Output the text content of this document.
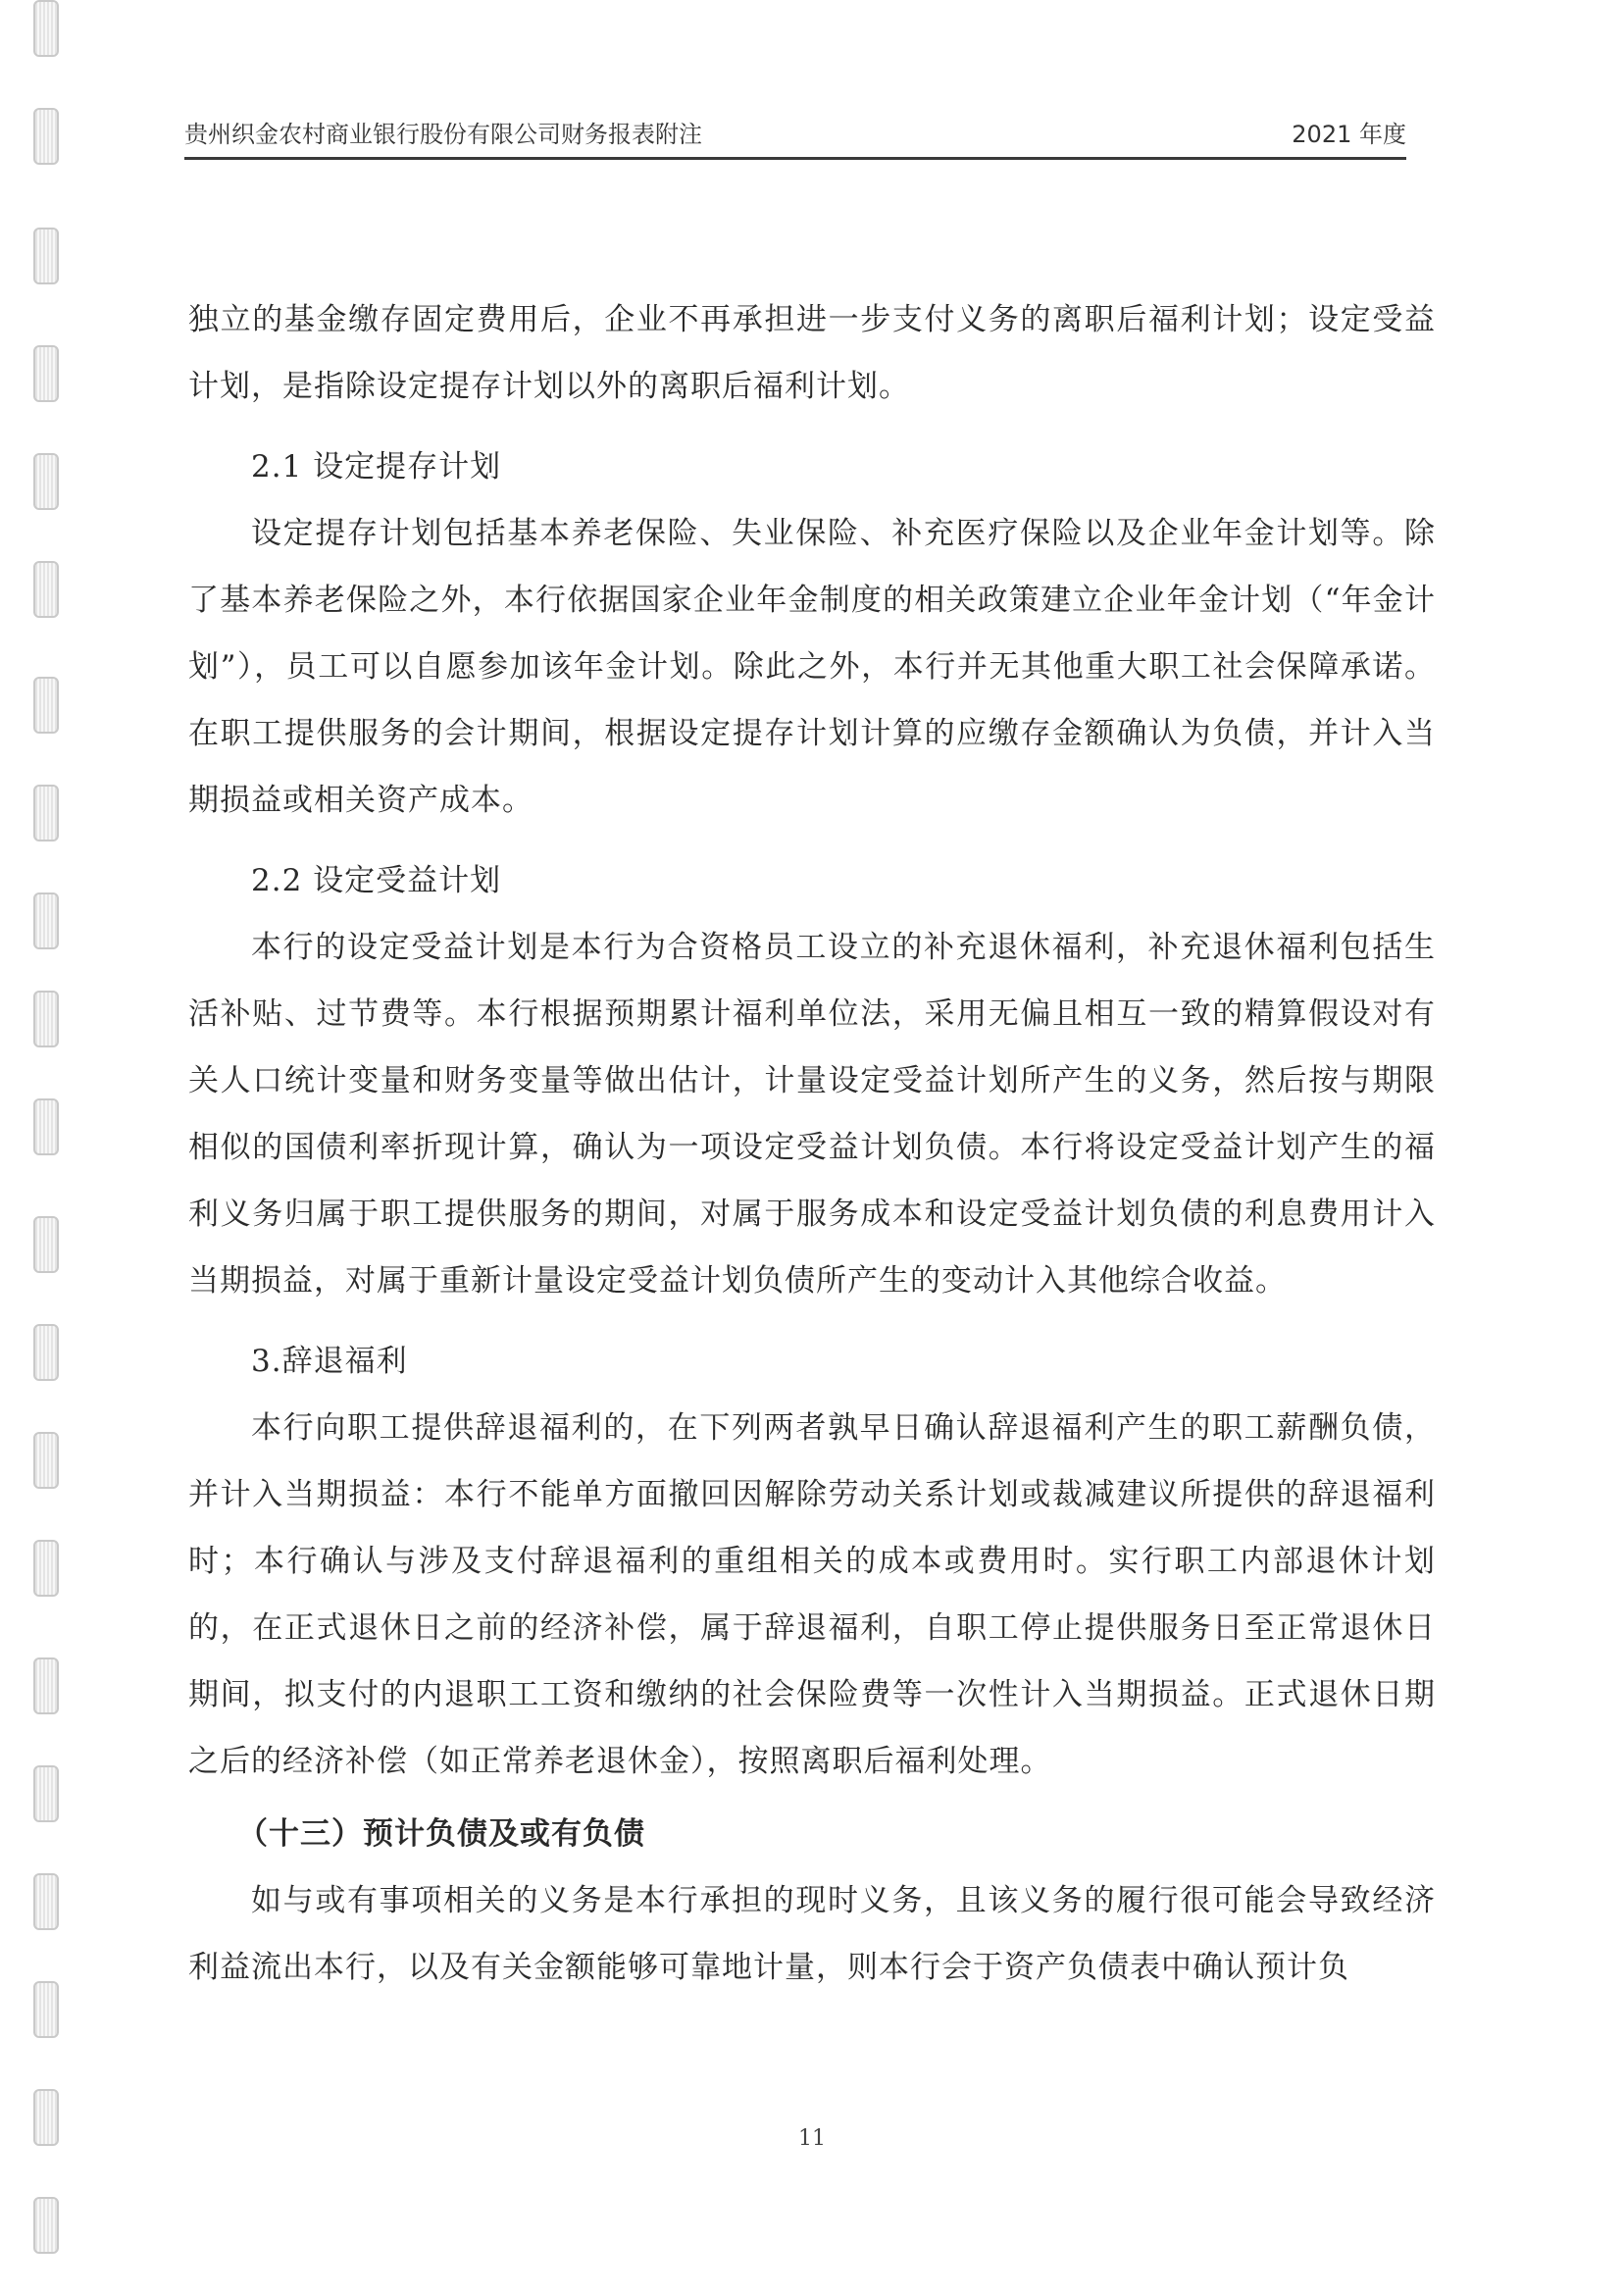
贵州织金农村商业银行股份有限公司财务报表附注	2021 年度

独立的基金缴存固定费用后，企业不再承担进一步支付义务的离职后福利计划；设定受益计划，是指除设定提存计划以外的离职后福利计划。

2.1 设定提存计划

设定提存计划包括基本养老保险、失业保险、补充医疗保险以及企业年金计划等。除了基本养老保险之外，本行依据国家企业年金制度的相关政策建立企业年金计划（“年金计划”），员工可以自愿参加该年金计划。除此之外，本行并无其他重大职工社会保障承诺。在职工提供服务的会计期间，根据设定提存计划计算的应缴存金额确认为负债，并计入当期损益或相关资产成本。

2.2 设定受益计划

本行的设定受益计划是本行为合资格员工设立的补充退休福利，补充退休福利包括生活补贴、过节费等。本行根据预期累计福利单位法，采用无偏且相互一致的精算假设对有关人口统计变量和财务变量等做出估计，计量设定受益计划所产生的义务，然后按与期限相似的国债利率折现计算，确认为一项设定受益计划负债。本行将设定受益计划产生的福利义务归属于职工提供服务的期间，对属于服务成本和设定受益计划负债的利息费用计入当期损益，对属于重新计量设定受益计划负债所产生的变动计入其他综合收益。

3.辞退福利

本行向职工提供辞退福利的，在下列两者孰早日确认辞退福利产生的职工薪酬负债，并计入当期损益：本行不能单方面撤回因解除劳动关系计划或裁减建议所提供的辞退福利时；本行确认与涉及支付辞退福利的重组相关的成本或费用时。实行职工内部退休计划的，在正式退休日之前的经济补偿，属于辞退福利，自职工停止提供服务日至正常退休日期间，拟支付的内退职工工资和缴纳的社会保险费等一次性计入当期损益。正式退休日期之后的经济补偿（如正常养老退休金），按照离职后福利处理。

（十三）预计负债及或有负债

如与或有事项相关的义务是本行承担的现时义务，且该义务的履行很可能会导致经济利益流出本行，以及有关金额能够可靠地计量，则本行会于资产负债表中确认预计负

11
